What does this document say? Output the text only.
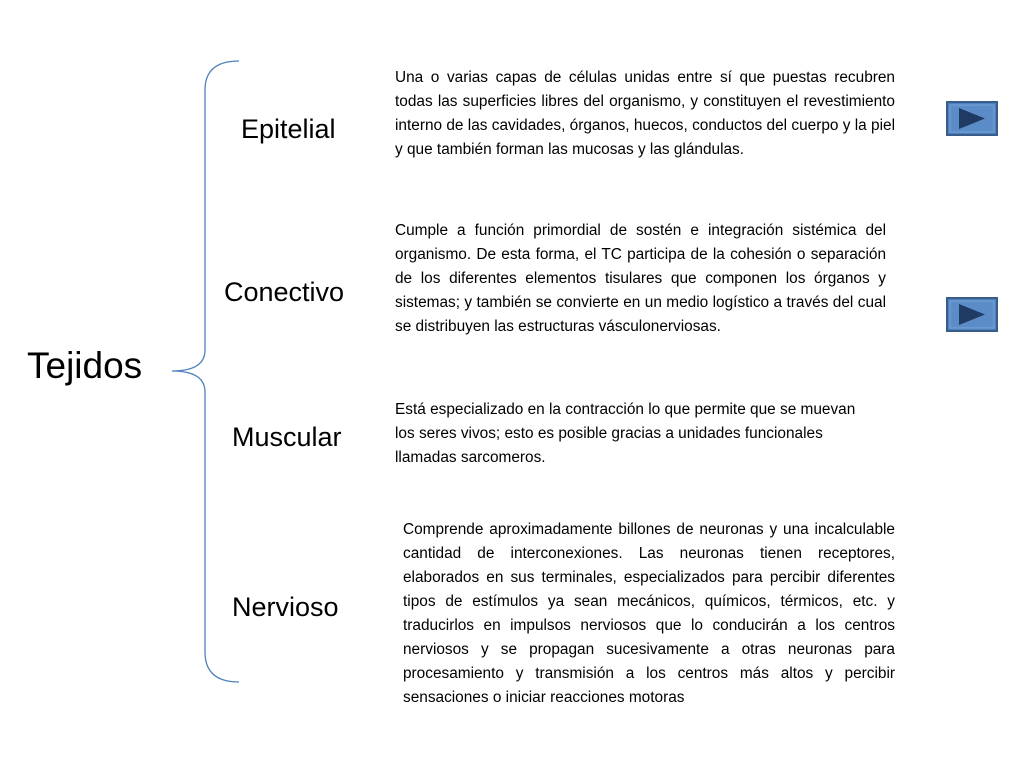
Tejidos
Epitelial
Conectivo
Muscular
Nervioso

Una o varias capas de células unidas entre sí que puestas recubren todas las superficies libres del organismo, y constituyen el revestimiento interno de las cavidades, órganos, huecos, conductos del cuerpo y la piel y que también forman las mucosas y las glándulas.

Cumple a función primordial de sostén e integración sistémica del organismo. De esta forma, el TC participa de la cohesión o separación de los diferentes elementos tisulares que componen los órganos y sistemas; y también se convierte en un medio logístico a través del cual se distribuyen las estructuras vásculonerviosas.

Está especializado en la contracción lo que permite que se muevan los seres vivos; esto es posible gracias a unidades funcionales llamadas sarcomeros.

Comprende aproximadamente billones de neuronas y una incalculable cantidad de interconexiones. Las neuronas tienen receptores, elaborados en sus terminales, especializados para percibir diferentes tipos de estímulos ya sean mecánicos, químicos, térmicos, etc. y traducirlos en impulsos nerviosos que lo conducirán a los centros nerviosos y se propagan sucesivamente a otras neuronas para procesamiento y transmisión a los centros más altos y percibir sensaciones o iniciar reacciones motoras
